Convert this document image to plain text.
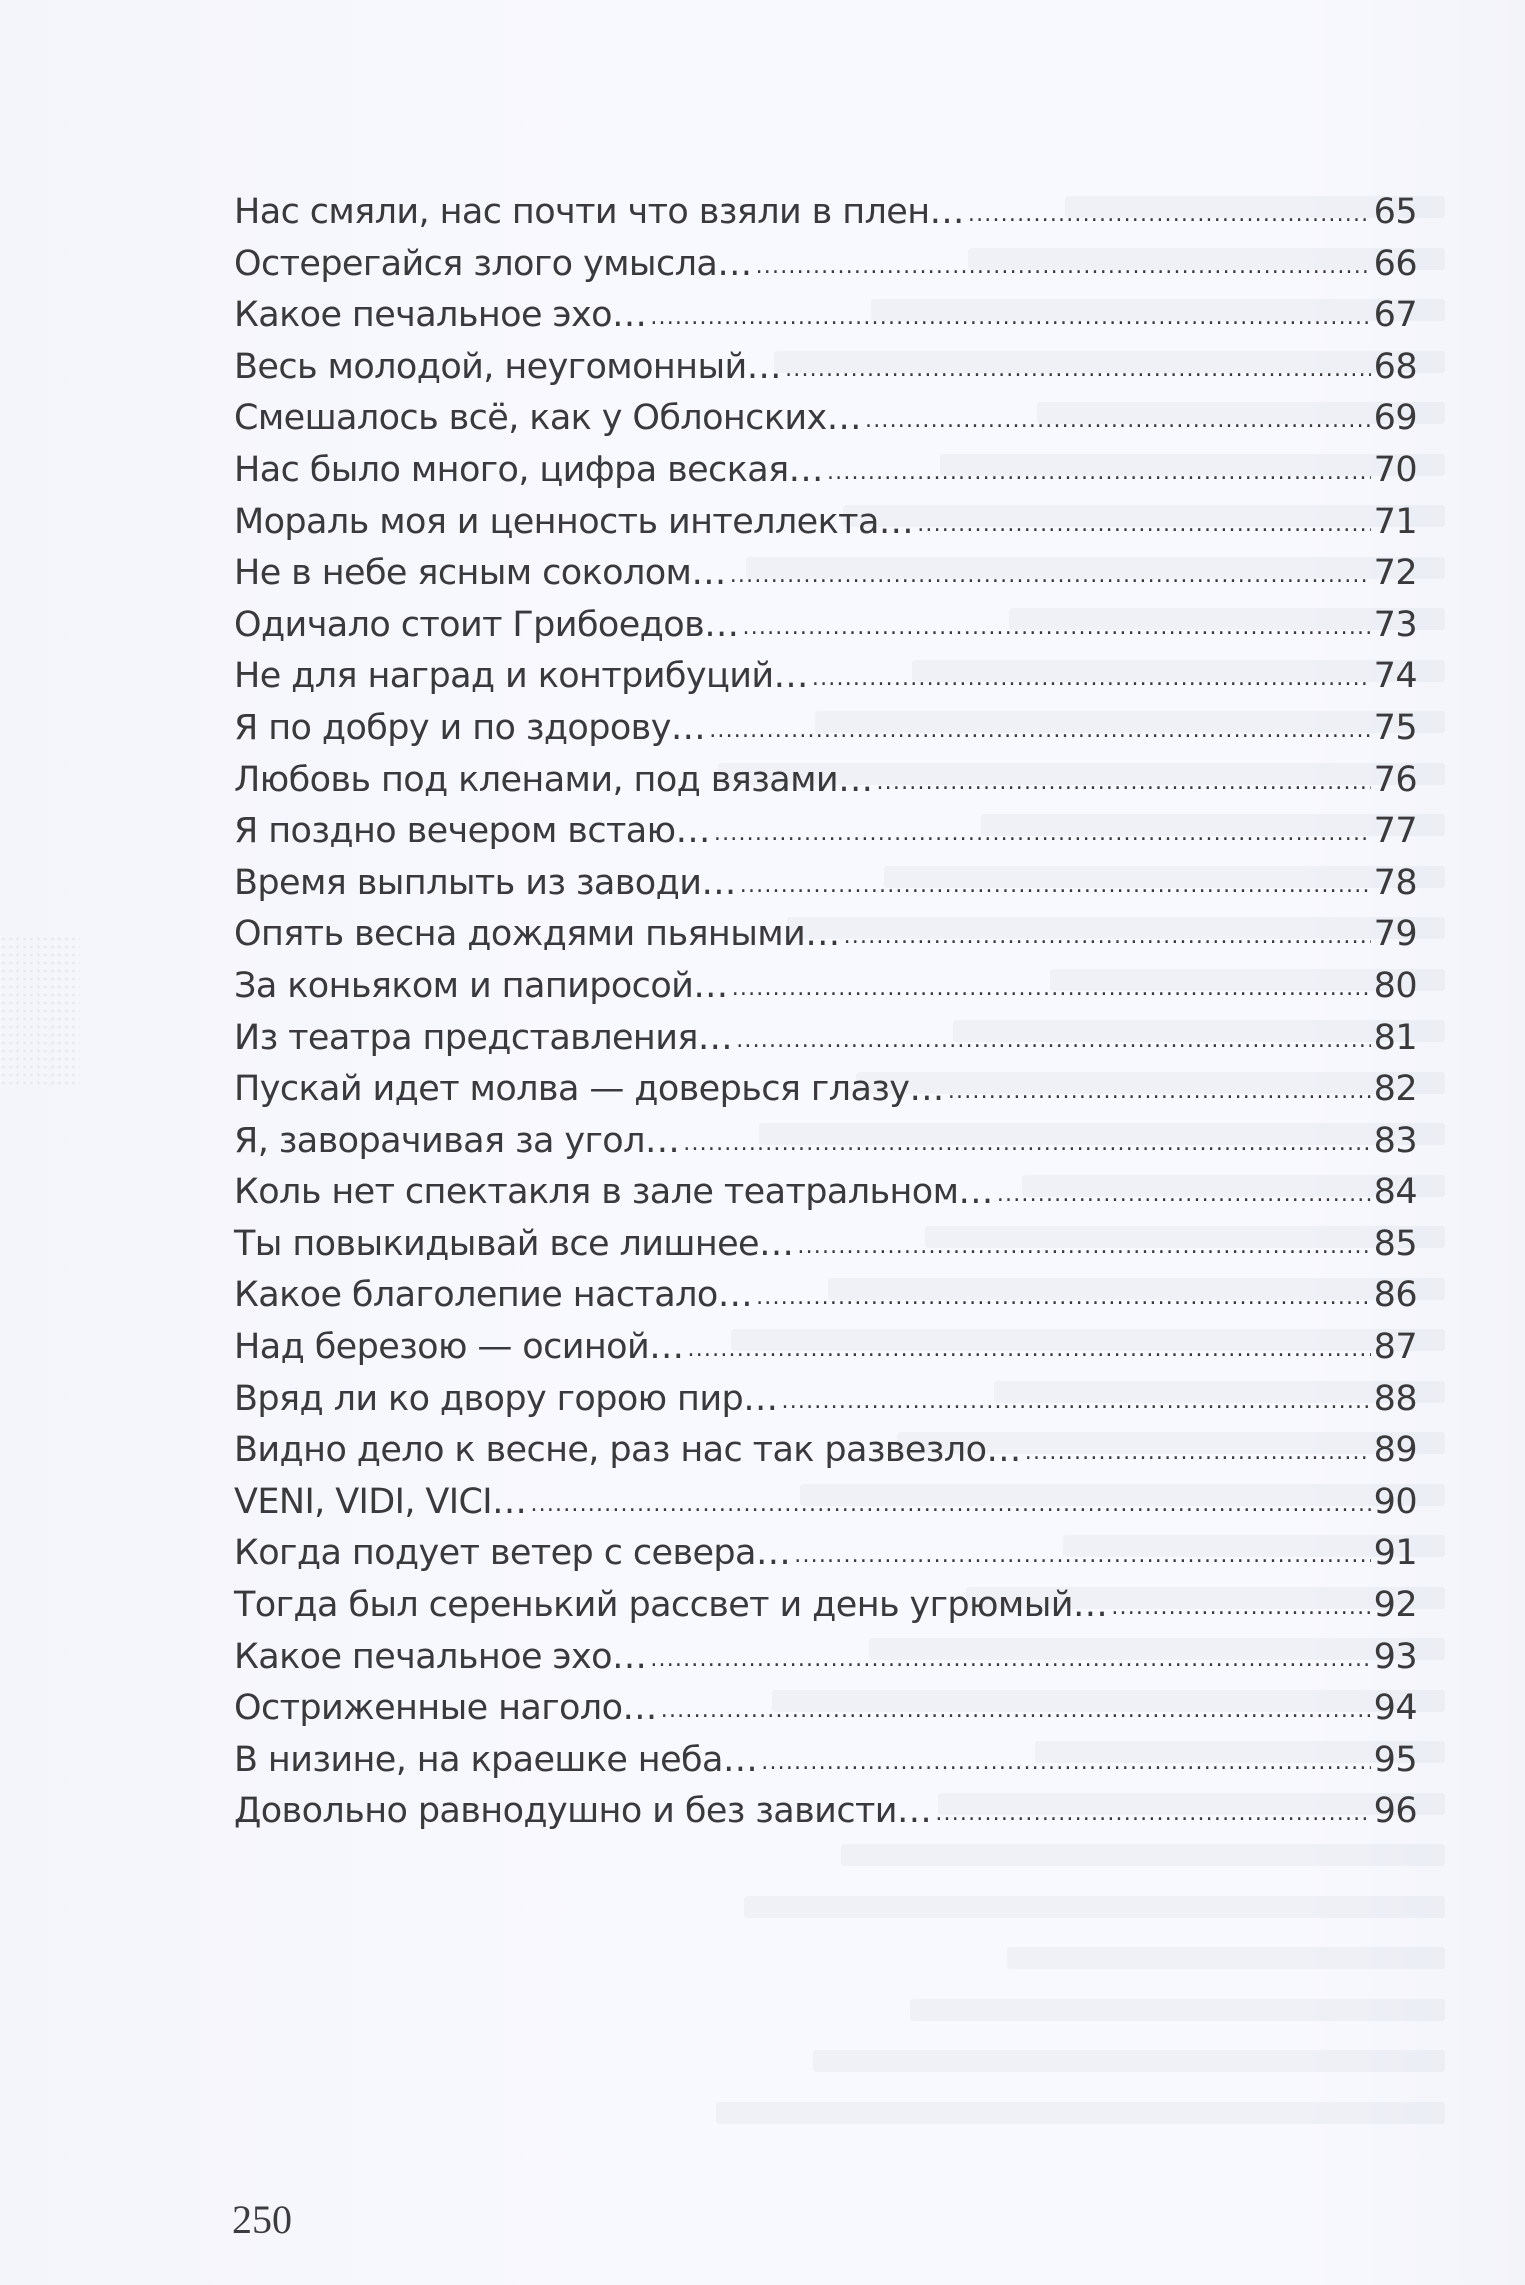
Нас смяли, нас почти что взяли в плен… .....	65
Остерегайся злого умысла… .....	66
Какое печальное эхо… .....	67
Весь молодой, неугомонный… .....	68
Смешалось всё, как у Облонских… .....	69
Нас было много, цифра веская… .....	70
Мораль моя и ценность интеллекта… .....	71
Не в небе ясным соколом… .....	72
Одичало стоит Грибоедов… .....	73
Не для наград и контрибуций… .....	74
Я по добру и по здорову… .....	75
Любовь под кленами, под вязами… .....	76
Я поздно вечером встаю… .....	77
Время выплыть из заводи… .....	78
Опять весна дождями пьяными… .....	79
За коньяком и папиросой… .....	80
Из театра представления… .....	81
Пускай идет молва — доверься глазу… .....	82
Я, заворачивая за угол… .....	83
Коль нет спектакля в зале театральном… .....	84
Ты повыкидывай все лишнее… .....	85
Какое благолепие настало… .....	86
Над березою — осиной… .....	87
Вряд ли ко двору горою пир… .....	88
Видно дело к весне, раз нас так развезло… .....	89
VENI, VIDI, VICI… .....	90
Когда подует ветер с севера… .....	91
Тогда был серенький рассвет и день угрюмый… .....	92
Какое печальное эхо… .....	93
Остриженные наголо… .....	94
В низине, на краешке неба… .....	95
Довольно равнодушно и без зависти… .....	96
250
